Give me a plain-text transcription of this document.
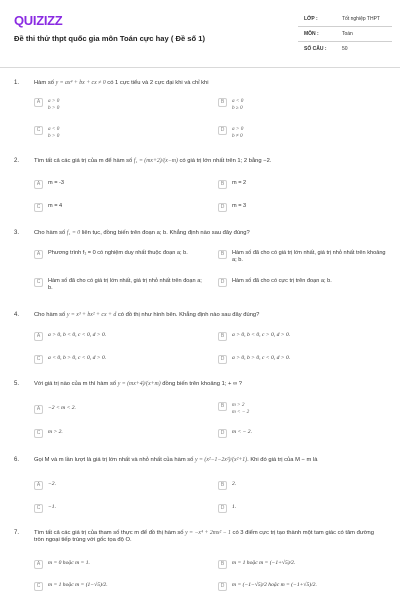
QUIZIZZ
Đề thi thử thpt quốc gia môn Toán cực hay ( Đề số 1)
LỚP :	Tốt nghiệp THPT
MÔN :	Toán
SỐ CÂU :	50
1.	Hàm số y = ax⁴ + bx + cx ≠ 0 có 1 cực tiểu và 2 cực đại khi và chỉ khi
A	a > 0
b > 0
B	a < 0
b ≥ 0
C	a < 0
b > 0
D	a > 0
b ≠ 0
2.	Tìm tất cả các giá trị của m để hàm số f₁ = (mx+2)/(x−m) có giá trị lớn nhất trên 1; 2 bằng −2.
A	m = -3	B	m = 2
C	m = 4	D	m = 3
3.	Cho hàm số f₁ = 0 liên tục, đồng biến trên đoạn a; b. Khẳng định nào sau đây đúng?
A	Phương trình f₁ = 0 có nghiệm duy nhất thuộc đoạn a; b.	B	Hàm số đã cho có giá trị lớn nhất, giá trị nhỏ nhất trên khoảng a; b.
C	Hàm số đã cho có giá trị lớn nhất, giá trị nhỏ nhất trên đoạn a; b.
D	Hàm số đã cho có cực trị trên đoạn a; b.
4.	Cho hàm số y = x³ + bx² + cx + d có đồ thị như hình bên. Khẳng định nào sau đây đúng?
A	a > 0, b < 0, c < 0, d > 0.	B	a > 0, b < 0, c > 0, d > 0.
C	a < 0, b > 0, c < 0, d > 0.	D	a > 0, b > 0, c < 0, d > 0.
5.	Với giá trị nào của m thì hàm số y = (mx+4)/(x+m) đồng biến trên khoảng 1; + ∞ ?
A	−2 < m < 2.	B	m > 2
m < − 2
C	m > 2.	D	m < − 2.
6.	Gọi M và m lần lượt là giá trị lớn nhất và nhỏ nhất của hàm số y = (x²−1−2x²)/(x²+1). Khi đó giá trị của M − m là
A	−2.	B	2.
C	−1.	D	1.
7.	Tìm tất cả các giá trị của tham số thực m để đồ thị hàm số y = −x⁴ + 2mx² − 1 có 3 điểm cực trị tạo thành một tam giác có tâm đường tròn ngoại tiếp trùng với gốc tọa độ O.
A	m = 0 hoặc m = 1.	B	m = 1 hoặc m = (−1+√5)/2.
C	m = 1 hoặc m = (1−√5)/2.	D	m = (−1−√5)/2 hoặc m = (−1+√5)/2.
